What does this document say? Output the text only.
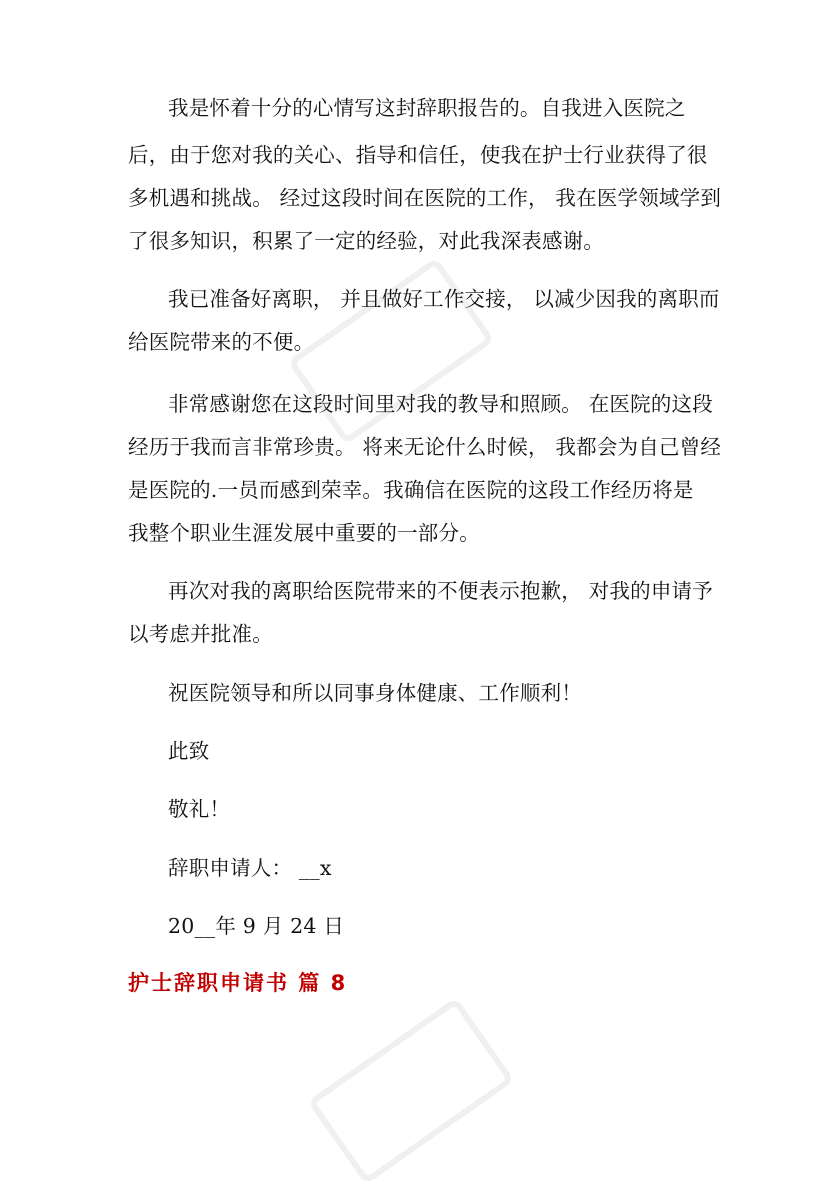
我是怀着十分的心情写这封辞职报告的。自我进入医院之
后，由于您对我的关心、指导和信任，使我在护士行业获得了很
多机遇和挑战。 经过这段时间在医院的工作， 我在医学领域学到
了很多知识，积累了一定的经验，对此我深表感谢。
我已准备好离职， 并且做好工作交接， 以减少因我的离职而
给医院带来的不便。
非常感谢您在这段时间里对我的教导和照顾。 在医院的这段
经历于我而言非常珍贵。 将来无论什么时候， 我都会为自己曾经
是医院的.一员而感到荣幸。我确信在医院的这段工作经历将是
我整个职业生涯发展中重要的一部分。
再次对我的离职给医院带来的不便表示抱歉， 对我的申请予
以考虑并批准。
祝医院领导和所以同事身体健康、工作顺利！
此致
敬礼！
辞职申请人： __x
20__年 9 月 24 日
护士辞职申请书 篇 8
